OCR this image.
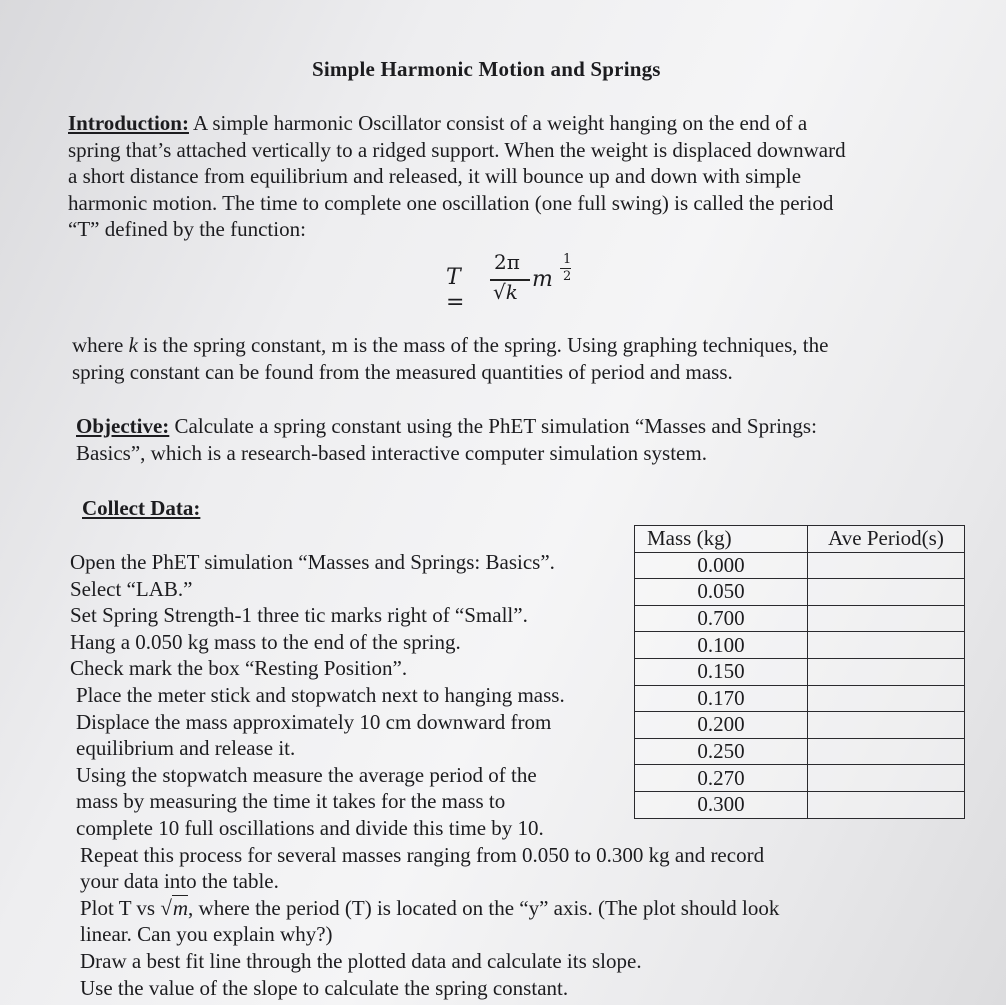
Simple Harmonic Motion and Springs
Introduction: A simple harmonic Oscillator consist of a weight hanging on the end of a
spring that’s attached vertically to a ridged support. When the weight is displaced downward
a short distance from equilibrium and released, it will bounce up and down with simple
harmonic motion. The time to complete one oscillation (one full swing) is called the period
“T” defined by the function:
T =
2π
√k m
1
2
where k is the spring constant, m is the mass of the spring. Using graphing techniques, the
spring constant can be found from the measured quantities of period and mass.
Objective: Calculate a spring constant using the PhET simulation “Masses and Springs:
Basics”, which is a research-based interactive computer simulation system.
Collect Data:
Open the PhET simulation “Masses and Springs: Basics”.
Select “LAB.”
Set Spring Strength-1 three tic marks right of “Small”.
Hang a 0.050 kg mass to the end of the spring.
Check mark the box “Resting Position”.
Place the meter stick and stopwatch next to hanging mass.
Displace the mass approximately 10 cm downward from
equilibrium and release it.
Using the stopwatch measure the average period of the
mass by measuring the time it takes for the mass to
complete 10 full oscillations and divide this time by 10.
Repeat this process for several masses ranging from 0.050 to 0.300 kg and record
your data into the table.
Plot T vs √m, where the period (T) is located on the “y” axis. (The plot should look
linear. Can you explain why?)
Draw a best fit line through the plotted data and calculate its slope.
Use the value of the slope to calculate the spring constant.
Mass (kg)	Ave Period(s)
0.000	
0.050	
0.700	
0.100	
0.150	
0.170	
0.200	
0.250	
0.270	
0.300	
